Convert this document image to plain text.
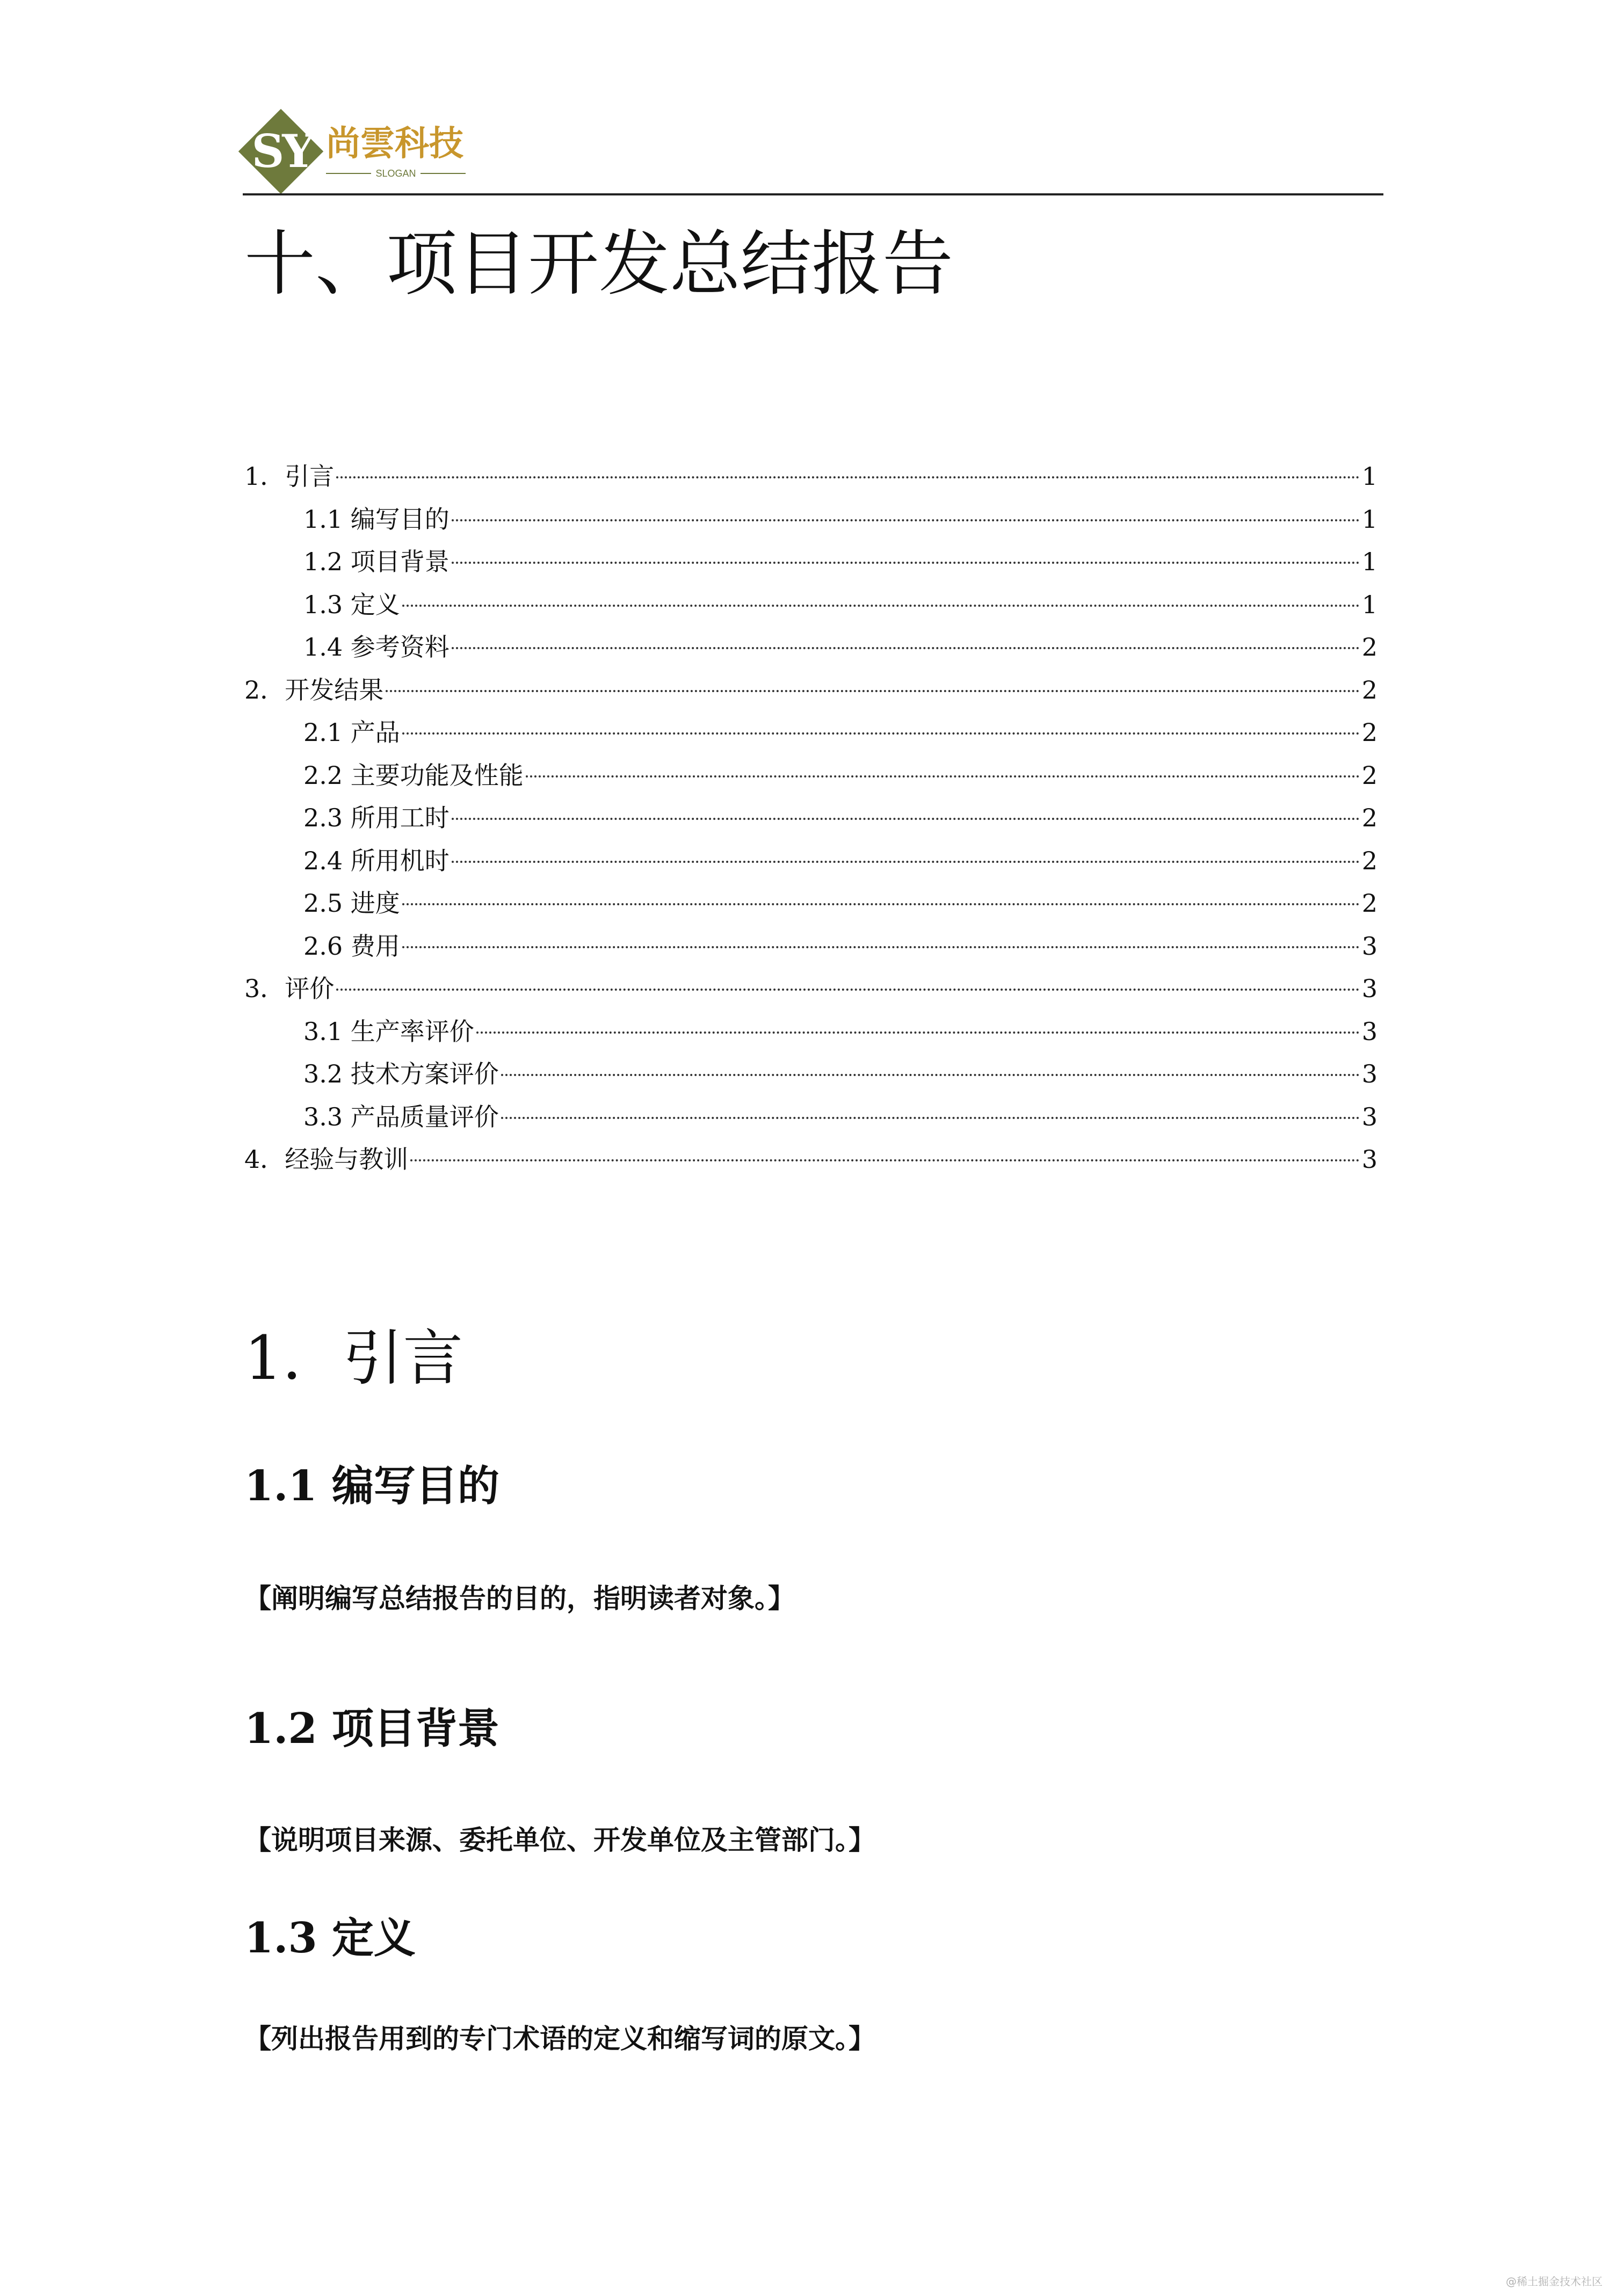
SY 尚雲科技
SLOGAN
十、项目开发总结报告
1．引言	1
1.1 编写目的	1
1.2 项目背景	1
1.3 定义	1
1.4 参考资料	2
2．开发结果	2
2.1 产品	2
2.2 主要功能及性能	2
2.3 所用工时	2
2.4 所用机时	2
2.5 进度	2
2.6 费用	3
3．评价	3
3.1 生产率评价	3
3.2 技术方案评价	3
3.3 产品质量评价	3
4．经验与教训	3
1．引言
1.1 编写目的

【阐明编写总结报告的目的，指明读者对象。】

1.2 项目背景

【说明项目来源、委托单位、开发单位及主管部门。】

1.3 定义

【列出报告用到的专门术语的定义和缩写词的原文。】

@稀土掘金技术社区
